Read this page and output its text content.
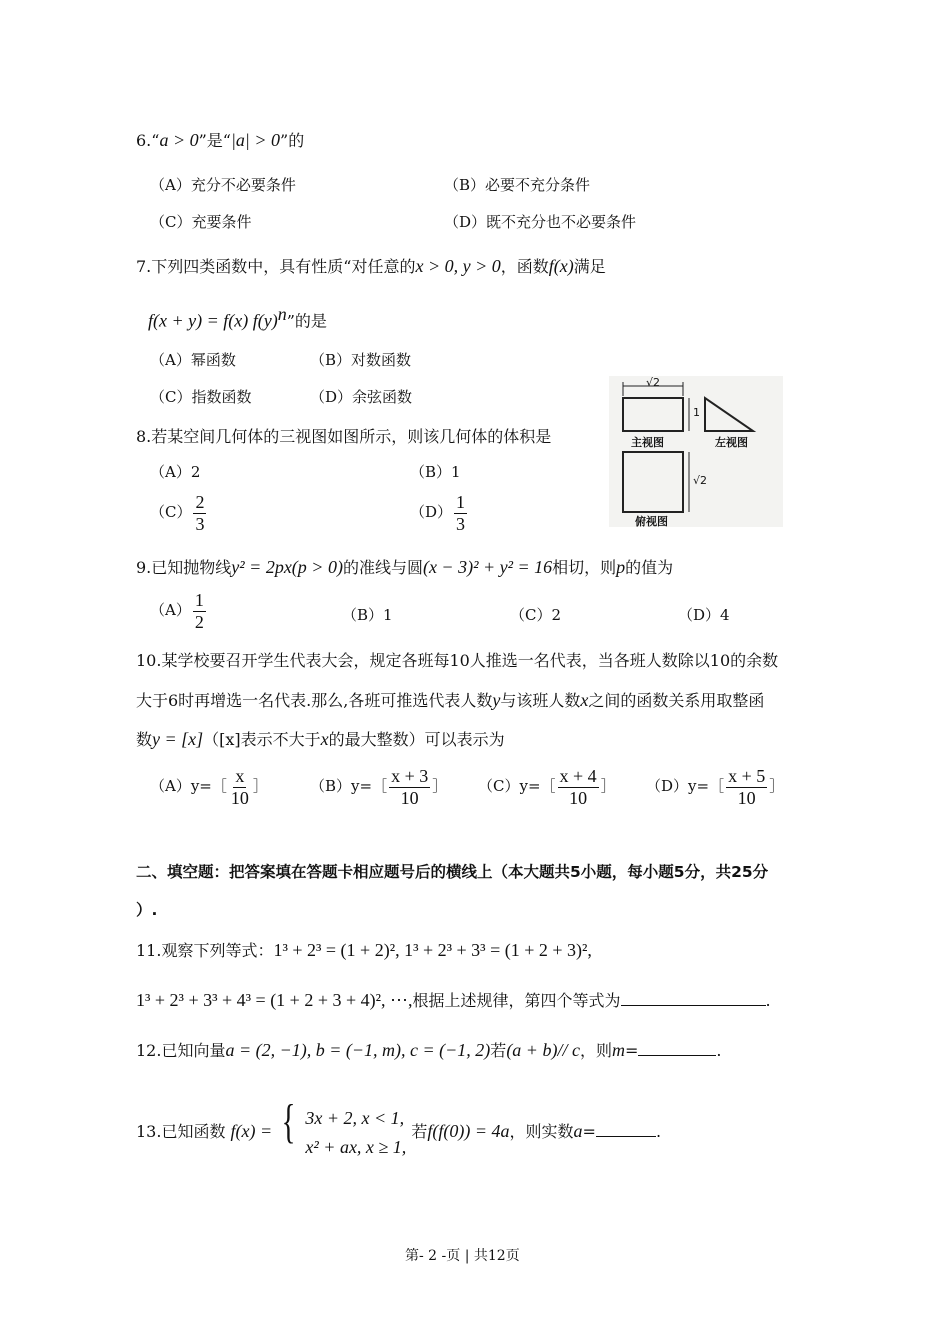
6.“a > 0”是“|a| > 0”的
（A）充分不必要条件	（B）必要不充分条件
（C）充要条件	（D）既不充分也不必要条件
7.下列四类函数中，具有性质“对任意的x > 0, y > 0，函数f(x)满足
f(x + y) = f(x) $f(y)^n$”的是
（A）幂函数	（B）对数函数
（C）指数函数	（D）余弦函数
8.若某空间几何体的三视图如图所示，则该几何体的体积是
（A）2	（B）1
$(C) \frac{2}{3}$	$(D) \frac{1}{3}$
√2
1
√2
主视图	左视图
俯视图
9.已知抛物线y² = 2px(p > 0)的准线与圆(x − 3)² + y² = 16相切，则p的值为
$(A) \frac{1}{2}$	（B）1	（C）2	（D）4
10.某学校要召开学生代表大会，规定各班每10人推选一名代表，当各班人数除以10的余数
大于6时再增选一名代表.那么,各班可推选代表人数y与该班人数x之间的函数关系用取整函
数y = [x]（[x]表示不大于x的最大整数）可以表示为
（A）y=［ $\frac{x}{10}$ ］	（B）y=［ $\frac{x + 3}{10}$ ］ （C）y=［ $\frac{x + 4}{10}$ ］ （D）y=［ $\frac{x + 5}{10}$ ］
二、填空题：把答案填在答题卡相应题号后的横线上（本大题共5小题，每小题5分，共25分
）.
11.观察下列等式：1³ + 2³ = (1 + 2)², 1³ + 2³ + 3³ = (1 + 2 + 3)²,
1³ + 2³ + 3³ + 4³ = (1 + 2 + 3 + 4)², ⋯,根据上述规律，第四个等式为	.
12.已知向量a = (2, −1), b = (−1, m), c = (−1, 2)若(a + b)// c，则m=	.
13.已知函数 f(x) = { 3x + 2, x < 1,
x² + ax, x ≥ 1,
若f(f(0)) = 4a，则实数a=	.
第- 2 -页 | 共12页
